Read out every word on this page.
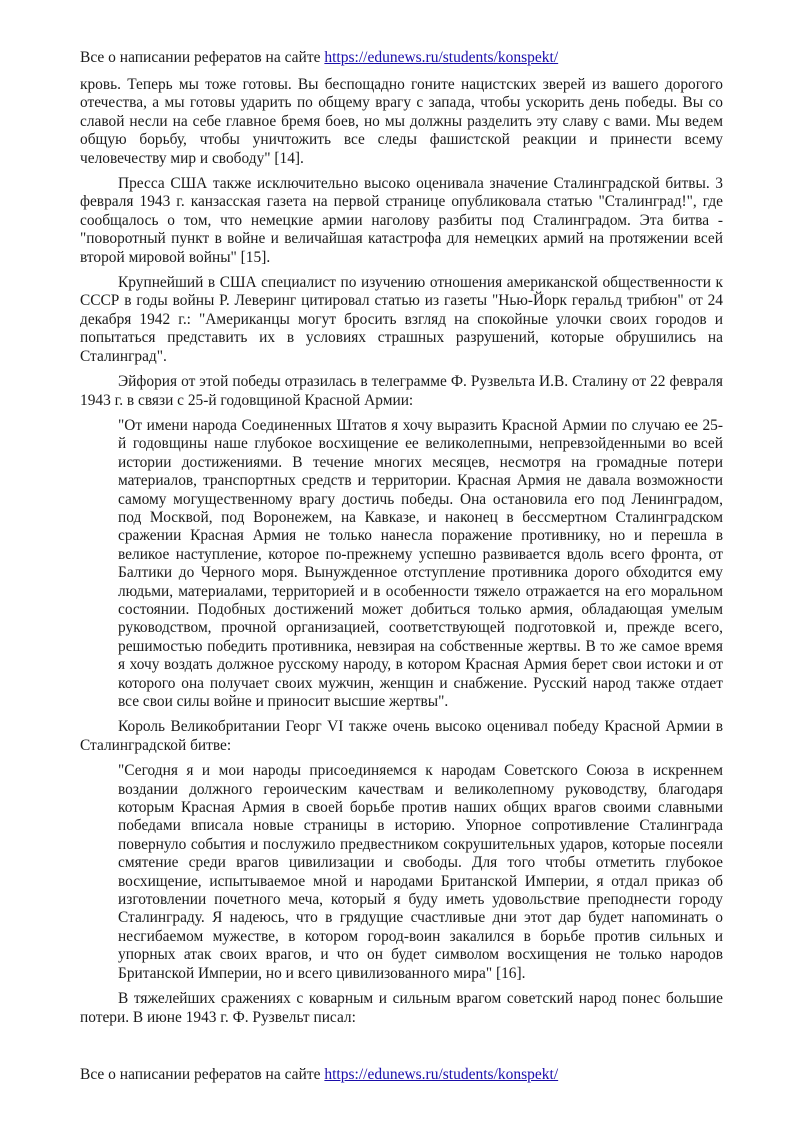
Все о написании рефератов на сайте https://edunews.ru/students/konspekt/

кровь. Теперь мы тоже готовы. Вы беспощадно гоните нацистских зверей из вашего дорогого отечества, а мы готовы ударить по общему врагу с запада, чтобы ускорить день победы. Вы со славой несли на себе главное бремя боев, но мы должны разделить эту славу с вами. Мы ведем общую борьбу, чтобы уничтожить все следы фашистской реакции и принести всему человечеству мир и свободу" [14].

Пресса США также исключительно высоко оценивала значение Сталинградской битвы. 3 февраля 1943 г. канзасская газета на первой странице опубликовала статью "Сталинград!", где сообщалось о том, что немецкие армии наголову разбиты под Сталинградом. Эта битва - "поворотный пункт в войне и величайшая катастрофа для немецких армий на протяжении всей второй мировой войны" [15].

Крупнейший в США специалист по изучению отношения американской общественности к СССР в годы войны Р. Леверинг цитировал статью из газеты "Нью-Йорк геральд трибюн" от 24 декабря 1942 г.: "Американцы могут бросить взгляд на спокойные улочки своих городов и попытаться представить их в условиях страшных разрушений, которые обрушились на Сталинград".

Эйфория от этой победы отразилась в телеграмме Ф. Рузвельта И.В. Сталину от 22 февраля 1943 г. в связи с 25-й годовщиной Красной Армии:

"От имени народа Соединенных Штатов я хочу выразить Красной Армии по случаю ее 25-й годовщины наше глубокое восхищение ее великолепными, непревзойденными во всей истории достижениями. В течение многих месяцев, несмотря на громадные потери материалов, транспортных средств и территории. Красная Армия не давала возможности самому могущественному врагу достичь победы. Она остановила его под Ленинградом, под Москвой, под Воронежем, на Кавказе, и наконец в бессмертном Сталинградском сражении Красная Армия не только нанесла поражение противнику, но и перешла в великое наступление, которое по-прежнему успешно развивается вдоль всего фронта, от Балтики до Черного моря. Вынужденное отступление противника дорого обходится ему людьми, материалами, территорией и в особенности тяжело отражается на его моральном состоянии. Подобных достижений может добиться только армия, обладающая умелым руководством, прочной организацией, соответствующей подготовкой и, прежде всего, решимостью победить противника, невзирая на собственные жертвы. В то же самое время я хочу воздать должное русскому народу, в котором Красная Армия берет свои истоки и от которого она получает своих мужчин, женщин и снабжение. Русский народ также отдает все свои силы войне и приносит высшие жертвы".

Король Великобритании Георг VI также очень высоко оценивал победу Красной Армии в Сталинградской битве:

"Сегодня я и мои народы присоединяемся к народам Советского Союза в искреннем воздании должного героическим качествам и великолепному руководству, благодаря которым Красная Армия в своей борьбе против наших общих врагов своими славными победами вписала новые страницы в историю. Упорное сопротивление Сталинграда повернуло события и послужило предвестником сокрушительных ударов, которые посеяли смятение среди врагов цивилизации и свободы. Для того чтобы отметить глубокое восхищение, испытываемое мной и народами Британской Империи, я отдал приказ об изготовлении почетного меча, который я буду иметь удовольствие преподнести городу Сталинграду. Я надеюсь, что в грядущие счастливые дни этот дар будет напоминать о несгибаемом мужестве, в котором город-воин закалился в борьбе против сильных и упорных атак своих врагов, и что он будет символом восхищения не только народов Британской Империи, но и всего цивилизованного мира" [16].

В тяжелейших сражениях с коварным и сильным врагом советский народ понес большие потери. В июне 1943 г. Ф. Рузвельт писал:

Все о написании рефератов на сайте https://edunews.ru/students/konspekt/
